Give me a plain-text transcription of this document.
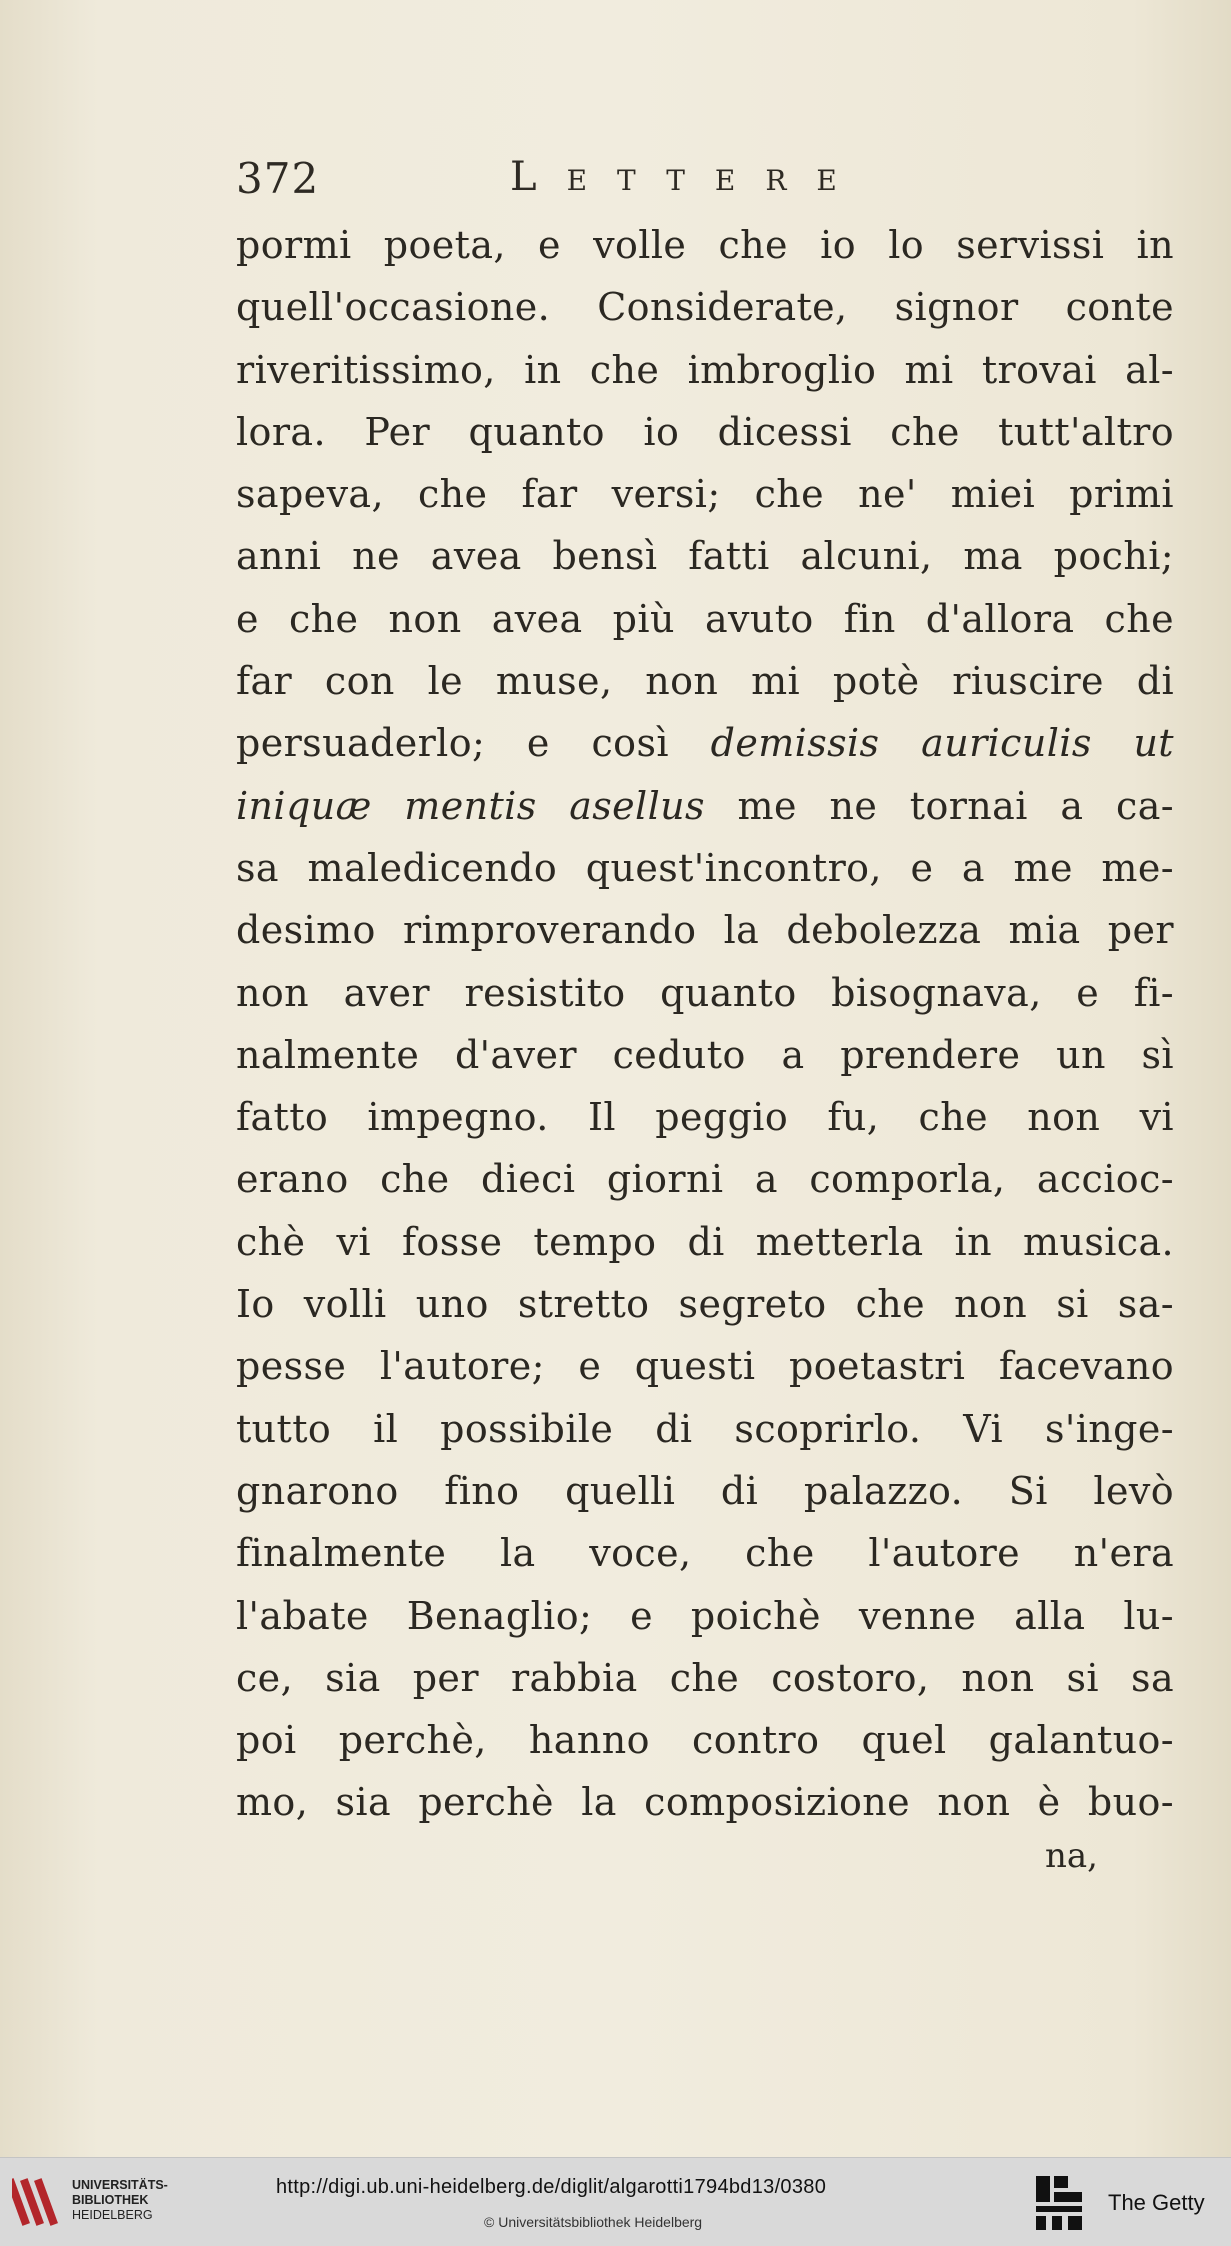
372	Lettere
pormi poeta, e volle che io lo servissi in
quell'occasione. Considerate, signor conte
riveritissimo, in che imbroglio mi trovai al-
lora. Per quanto io dicessi che tutt'altro
sapeva, che far versi; che ne' miei primi
anni ne avea bensì fatti alcuni, ma pochi;
e che non avea più avuto fin d'allora che
far con le muse, non mi potè riuscire di
persuaderlo; e così demissis auriculis ut
iniquæ mentis asellus me ne tornai a ca-
sa maledicendo quest'incontro, e a me me-
desimo rimproverando la debolezza mia per
non aver resistito quanto bisognava, e fi-
nalmente d'aver ceduto a prendere un sì
fatto impegno. Il peggio fu, che non vi
erano che dieci giorni a comporla, accioc-
chè vi fosse tempo di metterla in musica.
Io volli uno stretto segreto che non si sa-
pesse l'autore; e questi poetastri facevano
tutto il possibile di scoprirlo. Vi s'inge-
gnarono fino quelli di palazzo. Si levò
finalmente la voce, che l'autore n'era
l'abate Benaglio; e poichè venne alla lu-
ce, sia per rabbia che costoro, non si sa
poi perchè, hanno contro quel galantuo-
mo, sia perchè la composizione non è buo-
na,
UNIVERSITÄTS-
BIBLIOTHEK
HEIDELBERG
http://digi.ub.uni-heidelberg.de/diglit/algarotti1794bd13/0380
© Universitätsbibliothek Heidelberg
The Getty
